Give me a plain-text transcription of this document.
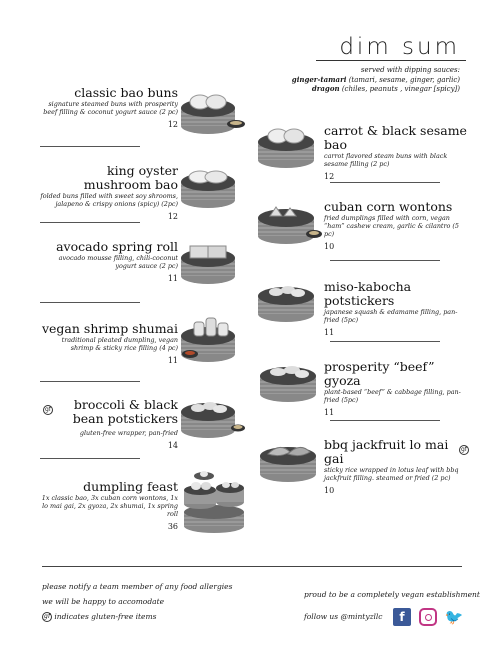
dim sum
served with dipping sauces:
ginger-tamari (tamari, sesame, ginger, garlic)
dragon (chiles, peanuts , vinegar [spicy])
classic bao buns
signature steamed buns with prosperity beef filling & coconut yogurt sauce (2 pc)
12
king oyster mushroom bao
folded buns filled with sweet soy shrooms, jalapeno & crispy onions (spicy) (2pc)
12
avocado spring roll
avocado mousse filling, chili-coconut yogurt sauce (2 pc)
11
vegan shrimp shumai
traditional pleated dumpling, vegan shrimp & sticky rice filling (4 pc)
11
gf	broccoli & black bean potstickers
gluten-free wrapper, pan-fried
14
dumpling feast
1x classic bao, 3x cuban corn wontons, 1x lo mai gai, 2x gyoza, 2x shumai, 1x spring roll
36
carrot & black sesame bao
carrot flavored steam buns with black sesame filling (2 pc)
12
cuban corn wontons
fried dumplings filled with corn, vegan “ham” cashew cream, garlic & cilantro (5 pc)
10
miso-kabocha potstickers
japanese squash & edamame filling, pan-fried (5pc)
11
prosperity “beef” gyoza
plant-based “beef” & cabbage filling, pan-fried (5pc)
11
gf
bbq jackfruit lo mai gai
sticky rice wrapped in lotus leaf with bbq jackfruit filling. steamed or fried (2 pc)
10
please notify a team member of any food allergies
we will be happy to accomodate
gf indicates gluten-free items
proud to be a completely vegan establishment
follow us @mintyzllc	f	🐦
